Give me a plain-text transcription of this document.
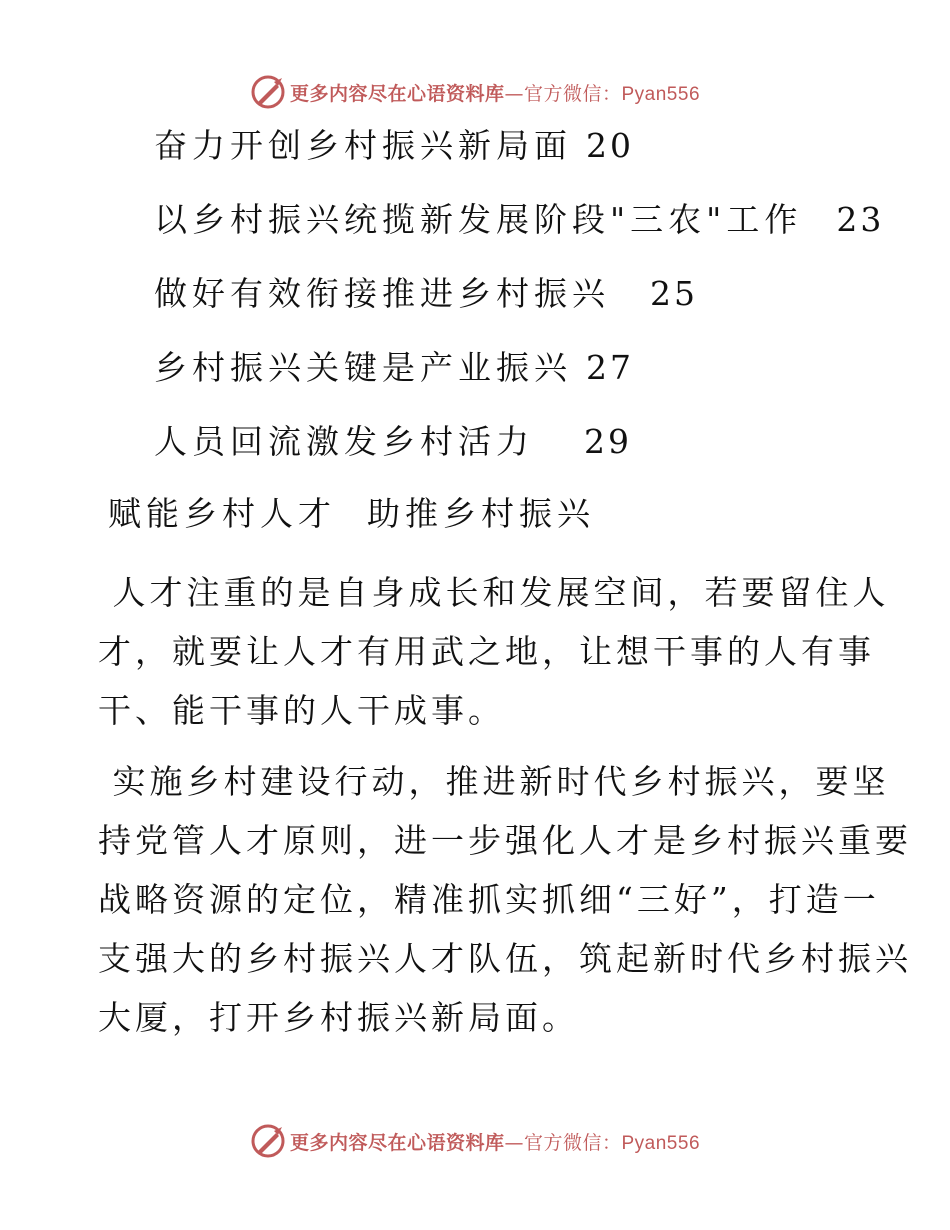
更多内容尽在心语资料库—官方微信：Pyan556
奋力开创乡村振兴新局面 20
以乡村振兴统揽新发展阶段"三农"工作 23
做好有效衔接推进乡村振兴 25
乡村振兴关键是产业振兴 27
人员回流激发乡村活力 29
赋能乡村人才  助推乡村振兴

人才注重的是自身成长和发展空间，若要留住人
才，就要让人才有用武之地，让想干事的人有事
干、能干事的人干成事。

实施乡村建设行动，推进新时代乡村振兴，要坚
持党管人才原则，进一步强化人才是乡村振兴重要
战略资源的定位，精准抓实抓细“三好”，打造一
支强大的乡村振兴人才队伍，筑起新时代乡村振兴
大厦，打开乡村振兴新局面。

更多内容尽在心语资料库—官方微信：Pyan556
